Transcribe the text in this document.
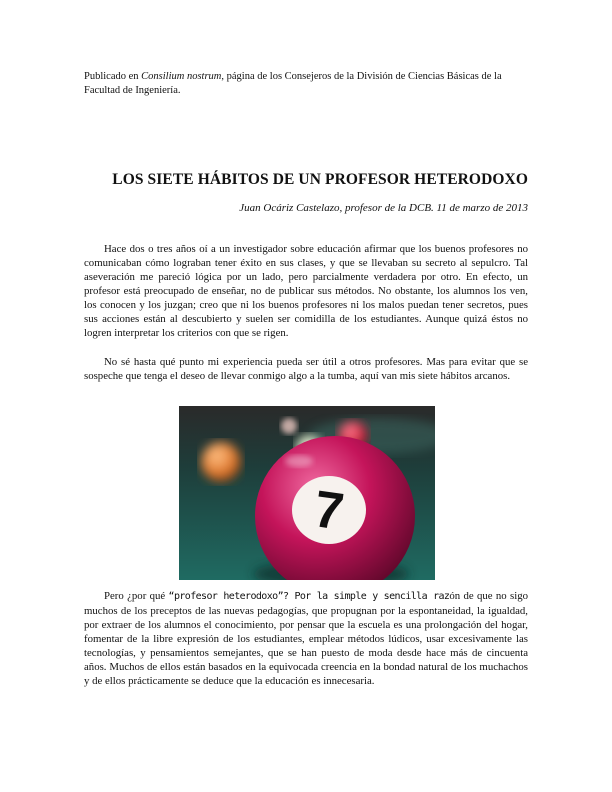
Publicado en Consilium nostrum, página de los Consejeros de la División de Ciencias Básicas de la Facultad de Ingeniería.
LOS SIETE HÁBITOS DE UN PROFESOR HETERODOXO
Juan Ocáriz Castelazo, profesor de la DCB. 11 de marzo de 2013

Hace dos o tres años oí a un investigador sobre educación afirmar que los buenos profesores no comunicaban cómo lograban tener éxito en sus clases, y que se llevaban su secreto al sepulcro. Tal aseveración me pareció lógica por un lado, pero parcialmente verdadera por otro. En efecto, un profesor está preocupado de enseñar, no de publicar sus métodos. No obstante, los alumnos los ven, los conocen y los juzgan; creo que ni los buenos profesores ni los malos puedan tener secretos, pues sus acciones están al descubierto y suelen ser comidilla de los estudiantes. Aunque quizá éstos no logren interpretar los criterios con que se rigen.

No sé hasta qué punto mi experiencia pueda ser útil a otros profesores. Mas para evitar que se sospeche que tenga el deseo de llevar conmigo algo a la tumba, aquí van mis siete hábitos arcanos.

7

Pero ¿por qué “profesor heterodoxo”? Por la simple y sencilla razón de que no sigo muchos de los preceptos de las nuevas pedagogías, que propugnan por la espontaneidad, la igualdad, por extraer de los alumnos el conocimiento, por pensar que la escuela es una prolongación del hogar, fomentar de la libre expresión de los estudiantes, emplear métodos lúdicos, usar excesivamente las tecnologías, y pensamientos semejantes, que se han puesto de moda desde hace más de cincuenta años. Muchos de ellos están basados en la equivocada creencia en la bondad natural de los muchachos y de ellos prácticamente se deduce que la educación es innecesaria.
